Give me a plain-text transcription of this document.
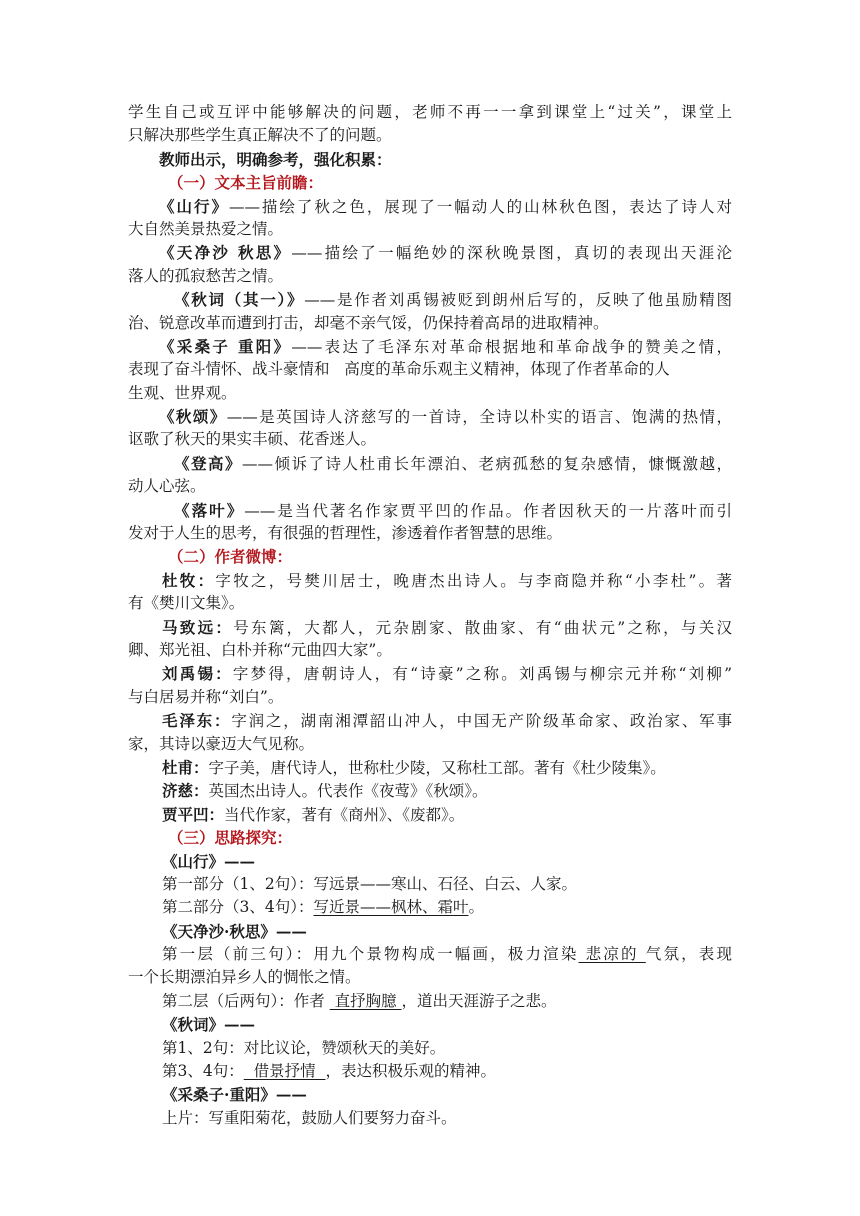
学生自己或互评中能够解决的问题，老师不再一一拿到课堂上“过关”，课堂上
只解决那些学生真正解决不了的问题。
教师出示，明确参考，强化积累：
（一）文本主旨前瞻：
《山行》——描绘了秋之色，展现了一幅动人的山林秋色图，表达了诗人对
大自然美景热爱之情。
《天净沙 秋思》——描绘了一幅绝妙的深秋晚景图，真切的表现出天涯沦
落人的孤寂愁苦之情。
《秋词（其一）》——是作者刘禹锡被贬到朗州后写的，反映了他虽励精图
治、锐意改革而遭到打击，却毫不亲气馁，仍保持着高昂的进取精神。
《采桑子 重阳》——表达了毛泽东对革命根据地和革命战争的赞美之情，
表现了奋斗情怀、战斗豪情和   高度的革命乐观主义精神，体现了作者革命的人
生观、世界观。
《秋颂》——是英国诗人济慈写的一首诗，全诗以朴实的语言、饱满的热情，
讴歌了秋天的果实丰硕、花香迷人。
《登高》——倾诉了诗人杜甫长年漂泊、老病孤愁的复杂感情，慷慨激越，
动人心弦。
《落叶》——是当代著名作家贾平凹的作品。作者因秋天的一片落叶而引
发对于人生的思考，有很强的哲理性，渗透着作者智慧的思维。
（二）作者微博：
杜牧：字牧之，号樊川居士，晚唐杰出诗人。与李商隐并称“小李杜”。著
有《樊川文集》。
马致远：号东篱，大都人，元杂剧家、散曲家、有“曲状元”之称，与关汉
卿、郑光祖、白朴并称“元曲四大家”。
刘禹锡：字梦得，唐朝诗人，有“诗豪”之称。刘禹锡与柳宗元并称“刘柳”
与白居易并称“刘白”。
毛泽东：字润之，湖南湘潭韶山冲人，中国无产阶级革命家、政治家、军事
家，其诗以豪迈大气见称。
杜甫：字子美，唐代诗人，世称杜少陵，又称杜工部。著有《杜少陵集》。
济慈：英国杰出诗人。代表作《夜莺》《秋颂》。
贾平凹：当代作家，著有《商州》、《废都》。
（三）思路探究：
《山行》——
第一部分（1、2句）：写远景——寒山、石径、白云、人家。
第二部分（3、4句）：写近景——枫林、霜叶。
《天净沙·秋思》——
第一层（前三句）：用九个景物构成一幅画，极力渲染 悲凉的 气氛，表现
一个长期漂泊异乡人的惆怅之情。
第二层（后两句）：作者  直抒胸臆 ，道出天涯游子之悲。
《秋词》——
第1、2句：对比议论，赞颂秋天的美好。
第3、4句：  借景抒情  ，表达积极乐观的精神。
《采桑子·重阳》——
上片：写重阳菊花，鼓励人们要努力奋斗。
